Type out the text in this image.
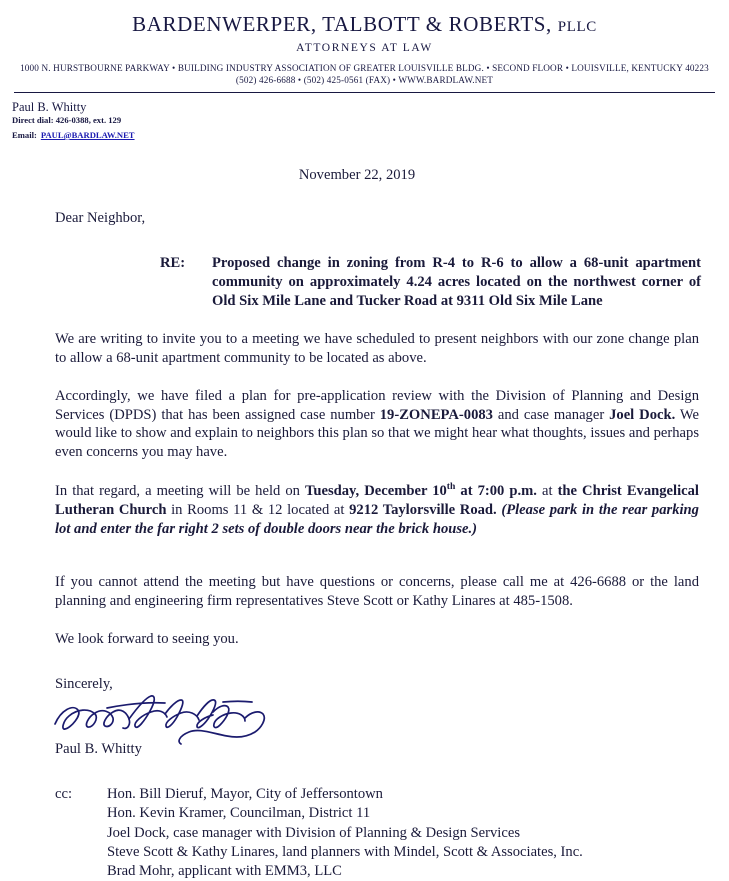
BARDENWERPER, TALBOTT & ROBERTS, PLLC
ATTORNEYS AT LAW
1000 N. HURSTBOURNE PARKWAY • BUILDING INDUSTRY ASSOCIATION OF GREATER LOUISVILLE BLDG. • SECOND FLOOR • LOUISVILLE, KENTUCKY 40223
(502) 426-6688 • (502) 425-0561 (FAX) • WWW.BARDLAW.NET
Paul B. Whitty
Direct dial: 426-0388, ext. 129
Email: PAUL@BARDLAW.NET
November 22, 2019
Dear Neighbor,
RE:	Proposed change in zoning from R-4 to R-6 to allow a 68-unit apartment community on approximately 4.24 acres located on the northwest corner of Old Six Mile Lane and Tucker Road at 9311 Old Six Mile Lane

We are writing to invite you to a meeting we have scheduled to present neighbors with our zone change plan to allow a 68-unit apartment community to be located as above.

Accordingly, we have filed a plan for pre-application review with the Division of Planning and Design Services (DPDS) that has been assigned case number 19-ZONEPA-0083 and case manager Joel Dock. We would like to show and explain to neighbors this plan so that we might hear what thoughts, issues and perhaps even concerns you may have.

In that regard, a meeting will be held on Tuesday, December 10th at 7:00 p.m. at the Christ Evangelical Lutheran Church in Rooms 11 & 12 located at 9212 Taylorsville Road. (Please park in the rear parking lot and enter the far right 2 sets of double doors near the brick house.)

If you cannot attend the meeting but have questions or concerns, please call me at 426-6688 or the land planning and engineering firm representatives Steve Scott or Kathy Linares at 485-1508.

We look forward to seeing you.

Sincerely,
Paul B. Whitty
cc:	Hon. Bill Dieruf, Mayor, City of Jeffersontown
Hon. Kevin Kramer, Councilman, District 11
Joel Dock, case manager with Division of Planning & Design Services
Steve Scott & Kathy Linares, land planners with Mindel, Scott & Associates, Inc.
Brad Mohr, applicant with EMM3, LLC
